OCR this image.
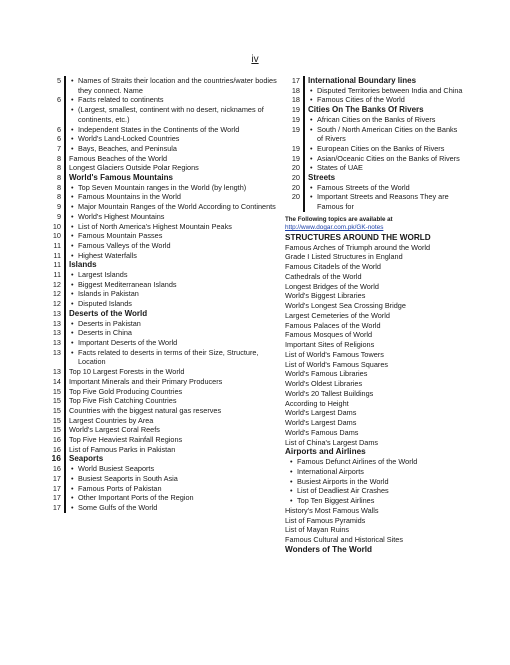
iv
5	• Names of Straits their location and the countries/water bodies they connect. Name
6	• Facts related to continents
• (Largest, smallest, continent with no desert, nicknames of continents, etc.)
6	• Independent States in the Continents of the World
6	• World's Land-Locked Countries
7	• Bays, Beaches, and Peninsula
8	Famous Beaches of the World
8	Longest Glaciers Outside Polar Regions
8	World's Famous Mountains
8	• Top Seven Mountain ranges in the World (by length)
8	• Famous Mountains in the World
9	• Major Mountain Ranges of the World According to Continents
9	• World's Highest Mountains
10	• List of North America's Highest Mountain Peaks
10	• Famous Mountain Passes
11	• Famous Valleys of the World
11	• Highest Waterfalls
11	Islands
11	• Largest Islands
12	• Biggest Mediterranean Islands
12	• Islands in Pakistan
12	• Disputed Islands
13	Deserts of the World
13	• Deserts in Pakistan
13	• Deserts in China
13	• Important Deserts of the World
13	• Facts related to deserts in terms of their Size, Structure, Location
13	Top 10 Largest Forests in the World
14	Important Minerals and their Primary Producers
15	Top Five Gold Producing Countries
15	Top Five Fish Catching Countries
15	Countries with the biggest natural gas reserves
15	Largest Countries by Area
15	World's Largest Coral Reefs
16	Top Five Heaviest Rainfall Regions
16	List of Famous Parks in Pakistan
16	Seaports
16	• World Busiest Seaports
17	• Busiest Seaports in South Asia
17	• Famous Ports of Pakistan
17	• Other Important Ports of the Region
17	• Some Gulfs of the World
17	International Boundary lines
18	• Disputed Territories between India and China
18	• Famous Cities of the World
19	Cities On The Banks Of Rivers
19	• African Cities on the Banks of Rivers
19	• South / North American Cities on the Banks of Rivers
19	• European Cities on the Banks of Rivers
19	• Asian/Oceanic Cities on the Banks of Rivers
20	• States of UAE
20	Streets
20	• Famous Streets of the World
20	• Important Streets and Reasons They are Famous for
The Following topics are available at
http://www.dogar.com.pk/GK-notes
STRUCTURES AROUND THE WORLD
Famous Arches of Triumph around the World
Grade I Listed Structures in England
Famous Citadels of the World
Cathedrals of the World
Longest Bridges of the World
World's Biggest Libraries
World's Longest Sea Crossing Bridge
Largest Cemeteries of the World
Famous Palaces of the World
Famous Mosques of World
Important Sites of Religions
List of World's Famous Towers
List of World's Famous Squares
World's Famous Libraries
World's Oldest Libraries
World's 20 Tallest Buildings
According to Height
World's Largest Dams
World's Largest Dams
World's Famous Dams
List of China's Largest Dams
Airports and Airlines
• Famous Defunct Airlines of the World
• International Airports
• Busiest Airports in the World
• List of Deadliest Air Crashes
• Top Ten Biggest Airlines
History's Most Famous Walls
List of Famous Pyramids
List of Mayan Ruins
Famous Cultural and Historical Sites
Wonders of The World
